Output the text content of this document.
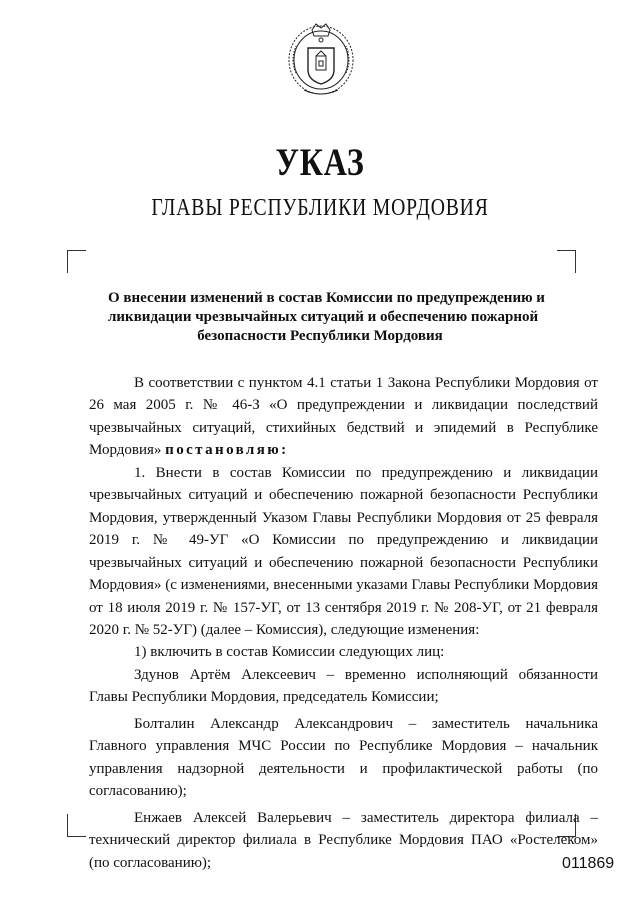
УКАЗ
ГЛАВЫ РЕСПУБЛИКИ МОРДОВИЯ
О внесении изменений в состав Комиссии по предупреждению и
ликвидации чрезвычайных ситуаций и обеспечению пожарной
безопасности Республики Мордовия

В соответствии с пунктом 4.1 статьи 1 Закона Республики Мордовия от 26 мая 2005 г. № 46-З «О предупреждении и ликвидации последствий чрезвычайных ситуаций, стихийных бедствий и эпидемий в Республике Мордовия» постановляю:

1. Внести в состав Комиссии по предупреждению и ликвидации чрезвычайных ситуаций и обеспечению пожарной безопасности Республики Мордовия, утвержденный Указом Главы Республики Мордовия от 25 февраля 2019 г. № 49-УГ «О Комиссии по предупреждению и ликвидации чрезвычайных ситуаций и обеспечению пожарной безопасности Республики Мордовия» (с изменениями, внесенными указами Главы Республики Мордовия от 18 июля 2019 г. № 157-УГ, от 13 сентября 2019 г. № 208-УГ, от 21 февраля 2020 г. № 52-УГ) (далее – Комиссия), следующие изменения:

1) включить в состав Комиссии следующих лиц:

Здунов Артём Алексеевич – временно исполняющий обязанности Главы Республики Мордовия, председатель Комиссии;

Болталин Александр Александрович – заместитель начальника Главного управления МЧС России по Республике Мордовия – начальник управления надзорной деятельности и профилактической работы (по согласованию);

Енжаев Алексей Валерьевич – заместитель директора филиала – технический директор филиала в Республике Мордовия ПАО «Ростелеком» (по согласованию);	011869
